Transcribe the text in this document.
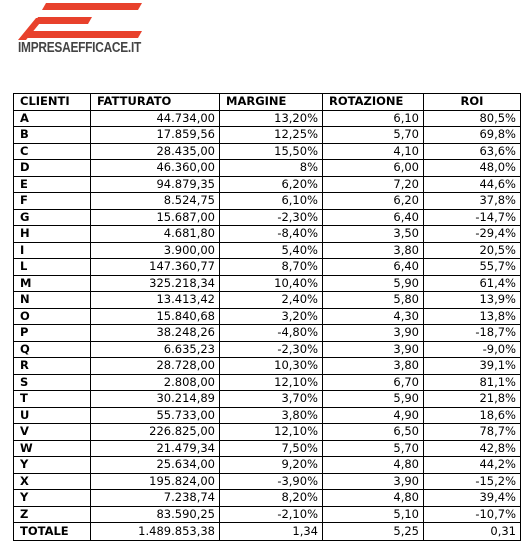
IMPRESAEFFICACE.IT
CLIENTI	FATTURATO	MARGINE	ROTAZIONE	ROI
A	44.734,00	13,20%	6,10	80,5%
B	17.859,56	12,25%	5,70	69,8%
C	28.435,00	15,50%	4,10	63,6%
D	46.360,00	8%	6,00	48,0%
E	94.879,35	6,20%	7,20	44,6%
F	8.524,75	6,10%	6,20	37,8%
G	15.687,00	-2,30%	6,40	-14,7%
H	4.681,80	-8,40%	3,50	-29,4%
I	3.900,00	5,40%	3,80	20,5%
L	147.360,77	8,70%	6,40	55,7%
M	325.218,34	10,40%	5,90	61,4%
N	13.413,42	2,40%	5,80	13,9%
O	15.840,68	3,20%	4,30	13,8%
P	38.248,26	-4,80%	3,90	-18,7%
Q	6.635,23	-2,30%	3,90	-9,0%
R	28.728,00	10,30%	3,80	39,1%
S	2.808,00	12,10%	6,70	81,1%
T	30.214,89	3,70%	5,90	21,8%
U	55.733,00	3,80%	4,90	18,6%
V	226.825,00	12,10%	6,50	78,7%
W	21.479,34	7,50%	5,70	42,8%
Y	25.634,00	9,20%	4,80	44,2%
X	195.824,00	-3,90%	3,90	-15,2%
Y	7.238,74	8,20%	4,80	39,4%
Z	83.590,25	-2,10%	5,10	-10,7%
TOTALE	1.489.853,38	1,34	5,25	0,31
